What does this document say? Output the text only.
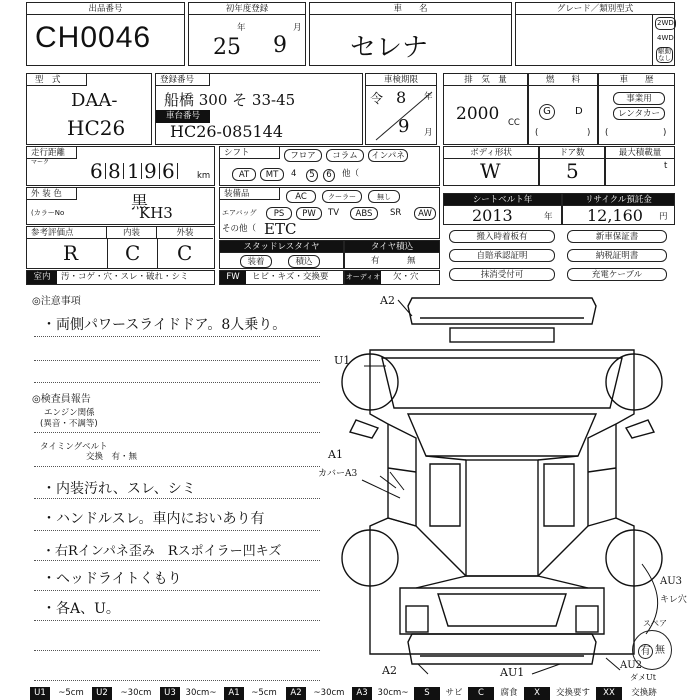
出品番号
CH0046
初年度登録
年	月
25 9
車　　名
セレナ
グレード／類別型式
2WD
4WD
駆動
なし
型　式
DAA-
HC26
登録番号
船橋 300 そ 33-45
車台番号
HC26-085144
車検期限
令 8 年
9 月
排　気　量
2000 CC
燃　　料
G	D
(	)
車　　歴
事業用
レンタカー
(	)
走行距離
マーク 6 8 1 9 6	km
シフト	フロア	コラム	インパネ
AT	MT	4	5	6	他（
ボディ形状
W
ドア数
5
最大積載量
t
外 装 色
(カラーNo	黒
KH3
装備品	AC	クーラー	無し
エアバッグ	PS	PW	TV	ABS	SR	AW
その他（ ETC
シートベルト年
2013	年
リサイクル預託金
12,160 円
参考評価点	内装	外装
R C C	スタッドレスタイヤ
装着	積込
タイヤ積込
有	無
搬入時着板有
自賠承認証明
抹消受付可
新車保証書
納税証明書
充電ケーブル
室内	汚・コゲ・穴・スレ・破れ・シミ	FW	ヒビ・キズ・交換要 オーディオ 欠・穴
◎注意事項
・両側パワースライドドア。8人乗り。
◎検査員報告
エンジン関係
(異音・不調等)
タイミングベルト
交換　有・無
・内装汚れ、スレ、シミ
・ハンドルスレ。車内においあり有
・右Rインパネ歪み　Rスポイラー凹キズ
・ヘッドライトくもり
・各A、U。
A2
U1
A1
カバーA3
AU3
キレ穴
A2	AU1
AU2
ダメUt
スペア
有 無
U1	~5cm	U2	~30cm	U3	30cm~	A1	~5cm	A2	~30cm	A3	30cm~	S	サビ	C	腐食	X	交換要す	XX	交換跡
